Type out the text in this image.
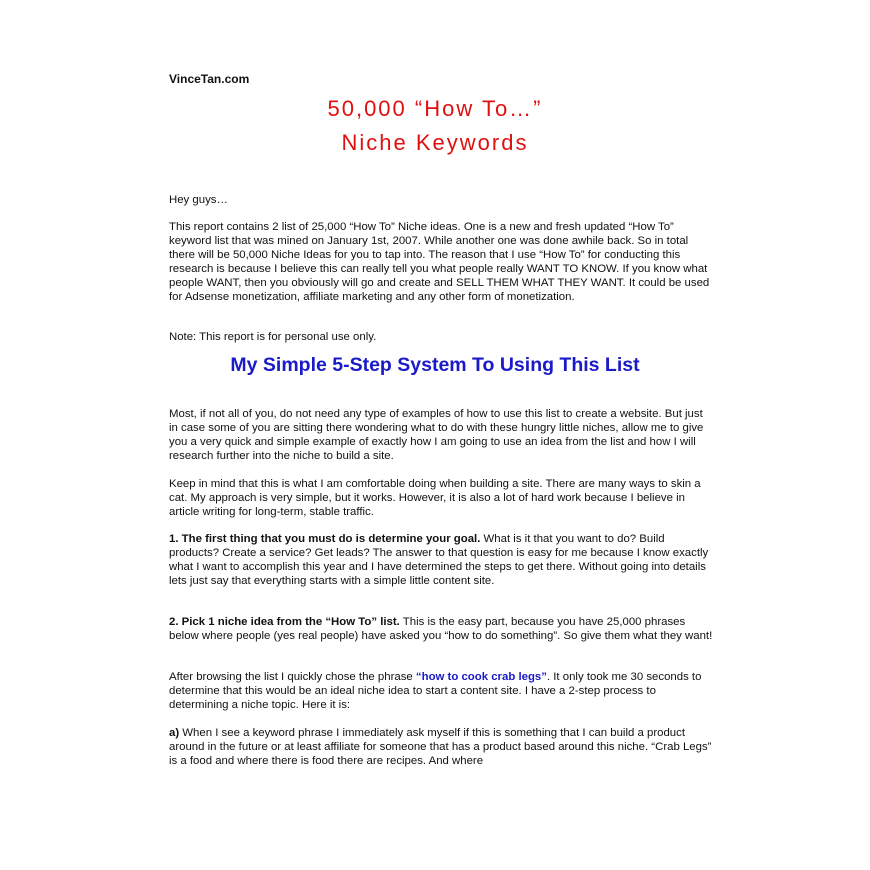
VinceTan.com

50,000 “How To…”
Niche Keywords

Hey guys…

This report contains 2 list of 25,000 “How To” Niche ideas. One is a new and fresh updated “How To” keyword list that was mined on January 1st, 2007. While another one was done awhile back. So in total there will be 50,000 Niche Ideas for you to tap into. The reason that I use “How To” for conducting this research is because I believe this can really tell you what people really WANT TO KNOW. If you know what people WANT, then you obviously will go and create and SELL THEM WHAT THEY WANT. It could be used for Adsense monetization, affiliate marketing and any other form of monetization.

Note: This report is for personal use only.

My Simple 5-Step System To Using This List

Most, if not all of you, do not need any type of examples of how to use this list to create a website. But just in case some of you are sitting there wondering what to do with these hungry little niches, allow me to give you a very quick and simple example of exactly how I am going to use an idea from the list and how I will research further into the niche to build a site.

Keep in mind that this is what I am comfortable doing when building a site. There are many ways to skin a cat. My approach is very simple, but it works. However, it is also a lot of hard work because I believe in article writing for long-term, stable traffic.

1. The first thing that you must do is determine your goal. What is it that you want to do? Build products? Create a service? Get leads? The answer to that question is easy for me because I know exactly what I want to accomplish this year and I have determined the steps to get there. Without going into details lets just say that everything starts with a simple little content site.

2. Pick 1 niche idea from the “How To” list. This is the easy part, because you have 25,000 phrases below where people (yes real people) have asked you “how to do something”. So give them what they want!

After browsing the list I quickly chose the phrase “how to cook crab legs”. It only took me 30 seconds to determine that this would be an ideal niche idea to start a content site. I have a 2-step process to determining a niche topic. Here it is:

a) When I see a keyword phrase I immediately ask myself if this is something that I can build a product around in the future or at least affiliate for someone that has a product based around this niche. “Crab Legs” is a food and where there is food there are recipes. And where
